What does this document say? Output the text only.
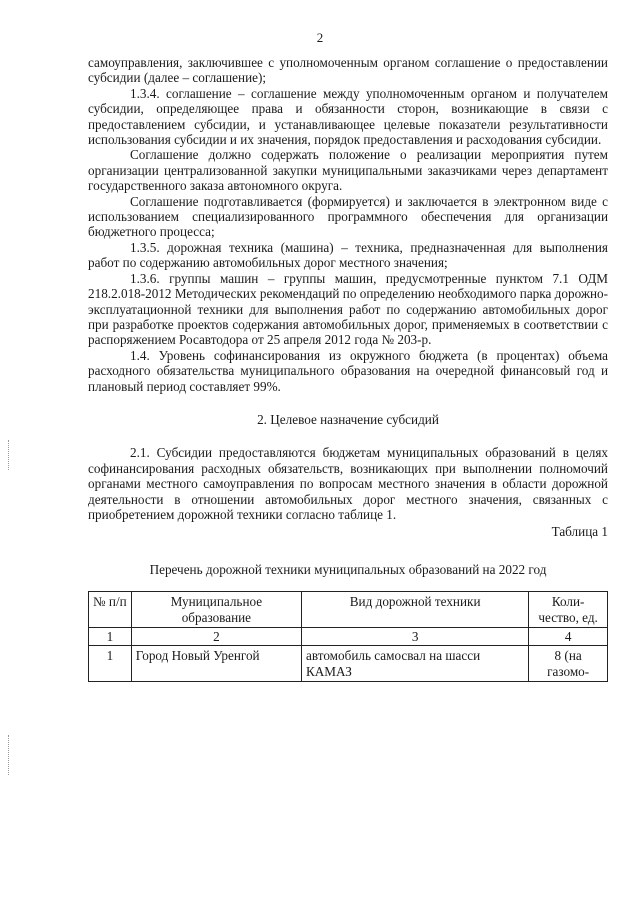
2

самоуправления, заключившее с уполномоченным органом соглашение о предоставлении субсидии (далее – соглашение);

1.3.4. соглашение – соглашение между уполномоченным органом и получателем субсидии, определяющее права и обязанности сторон, возникающие в связи с предоставлением субсидии, и устанавливающее целевые показатели результативности использования субсидии и их значения, порядок предоставления и расходования субсидии.

Соглашение должно содержать положение о реализации мероприятия путем организации централизованной закупки муниципальными заказчиками через департамент государственного заказа автономного округа.

Соглашение подготавливается (формируется) и заключается в электронном виде с использованием специализированного программного обеспечения для организации бюджетного процесса;

1.3.5. дорожная техника (машина) – техника, предназначенная для выполнения работ по содержанию автомобильных дорог местного значения;

1.3.6. группы машин – группы машин, предусмотренные пунктом 7.1 ОДМ 218.2.018-2012 Методических рекомендаций по определению необходимого парка дорожно-эксплуатационной техники для выполнения работ по содержанию автомобильных дорог при разработке проектов содержания автомобильных дорог, применяемых в соответствии с распоряжением Росавтодора от 25 апреля 2012 года № 203-р.

1.4. Уровень софинансирования из окружного бюджета (в процентах) объема расходного обязательства муниципального образования на очередной финансовый год и плановый период составляет 99%.

2. Целевое назначение субсидий

2.1. Субсидии предоставляются бюджетам муниципальных образований в целях софинансирования расходных обязательств, возникающих при выполнении полномочий органами местного самоуправления по вопросам местного значения в области дорожной деятельности в отношении автомобильных дорог местного значения, связанных с приобретением дорожной техники согласно таблице 1.

Таблица 1

Перечень дорожной техники муниципальных образований на 2022 год

№ п/п	Муниципальное образование	Вид дорожной техники	Коли-чество, ед.
1	2	3	4
1	Город Новый Уренгой	автомобиль самосвал на шасси КАМАЗ	8 (на газомо-
